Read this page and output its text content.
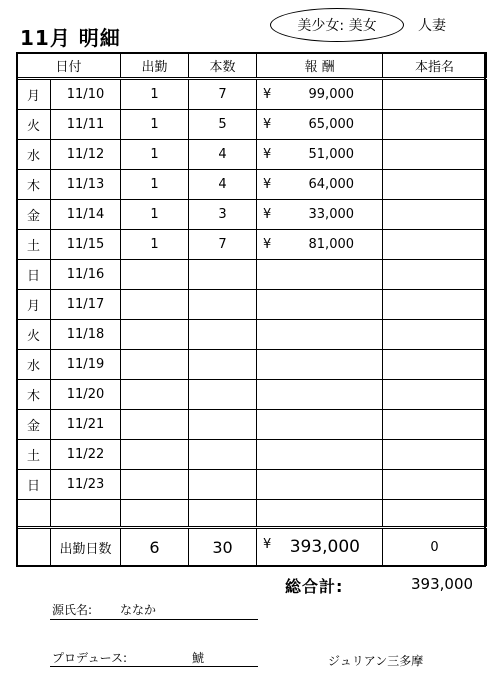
11月 明細	美少女: 美女	人妻
日付		出勤	本数	報 酬	本指名
月	11/10	1	7	¥ 99,000	

火	11/11	1	5	¥ 65,000	

水	11/12	1	4	¥ 51,000	

木	11/13	1	4	¥ 64,000	

金	11/14	1	3	¥ 33,000	

土	11/15	1	7	¥ 81,000	

日	11/16			

月	11/17			

火	11/18			

水	11/19			

木	11/20			

金	11/21			

土	11/22			

日	11/23			

	出勤日数	6	30	¥ 393,000	0
総合計:	393,000
源氏名: ななか
プロデュース:	鯱	ジュリアン三多摩
